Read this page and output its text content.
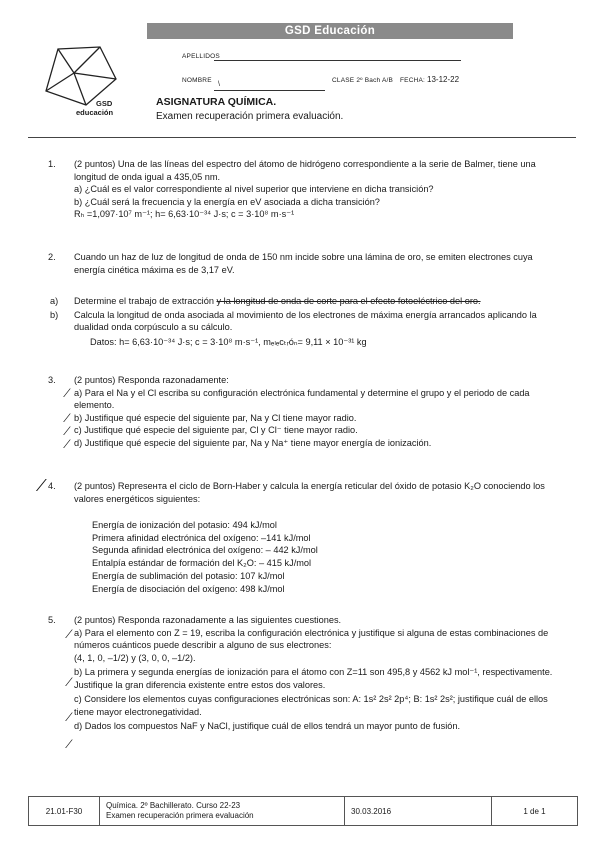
GSD Educación
GSD
educación
APELLIDOS
NOMBRE
\
CLASE 2º Bach A/B FECHA: 13-12-22
ASIGNATURA QUÍMICA.
Examen recuperación primera evaluación.
1. (2 puntos) Una de las líneas del espectro del átomo de hidrógeno correspondiente a la serie de Balmer, tiene una longitud de onda igual a 435,05 nm.

a) ¿Cuál es el valor correspondiente al nivel superior que interviene en dicha transición?

b) ¿Cuál será la frecuencia y la energía en eV asociada a dicha transición?

Rₕ =1,097·10⁷ m⁻¹; h= 6,63·10⁻³⁴ J·s; c = 3·10⁸ m·s⁻¹

2. Cuando un haz de luz de longitud de onda de 150 nm incide sobre una lámina de oro, se emiten electrones cuya energía cinética máxima es de 3,17 eV.

a) Determine el trabajo de extracción y la longitud de onda de corte para el efecto fotoeléctrico del oro.
b) Calcula la longitud de onda asociada al movimiento de los electrones de máxima energía arrancados aplicando la dualidad onda corpúsculo a su cálculo.
Datos: h= 6,63·10⁻³⁴ J·s; c = 3·10⁸ m·s⁻¹, mₑₗₑcₜᵣóₙ= 9,11 × 10⁻³¹ kg
3. (2 puntos) Responda razonadamente:

a) Para el Na y el Cl escriba su configuración electrónica fundamental y determine el grupo y el periodo de cada elemento.

b) Justifique qué especie del siguiente par, Na y Cl tiene mayor radio.

c) Justifique qué especie del siguiente par, Cl y Cl⁻ tiene mayor radio.

d) Justifique qué especie del siguiente par, Na y Na⁺ tiene mayor energía de ionización.

4. (2 puntos) Represента el ciclo de Born-Haber y calcula la energía reticular del óxido de potasio K₂O conociendo los valores energéticos siguientes:

Energía de ionización del potasio: 494 kJ/mol
Primera afinidad electrónica del oxígeno: –141 kJ/mol
Segunda afinidad electrónica del oxígeno: – 442 kJ/mol
Entalpía estándar de formación del K₂O: – 415 kJ/mol
Energía de sublimación del potasio: 107 kJ/mol
Energía de disociación del oxígeno: 498 kJ/mol
5. (2 puntos) Responda razonadamente a las siguientes cuestiones.

a) Para el elemento con Z = 19, escriba la configuración electrónica y justifique si alguna de estas combinaciones de números cuánticos puede describir a alguno de sus electrones:

(4, 1, 0, –1/2) y (3, 0, 0, –1/2).

b) La primera y segunda energías de ionización para el átomo con Z=11 son 495,8 y 4562 kJ mol⁻¹, respectivamente. Justifique la gran diferencia existente entre estos dos valores.

c) Considere los elementos cuyas configuraciones electrónicas son: A: 1s² 2s² 2p⁴; B: 1s² 2s²; justifique cuál de ellos tiene mayor electronegatividad.

d) Dados los compuestos NaF y NaCl, justifique cuál de ellos tendrá un mayor punto de fusión.

⁄
⁄
⁄
⁄
⁄
⁄
⁄
⁄
⁄
21.01-F30
Química. 2º Bachillerato. Curso 22-23
Examen recuperación primera evaluación	30.03.2016	1 de 1
